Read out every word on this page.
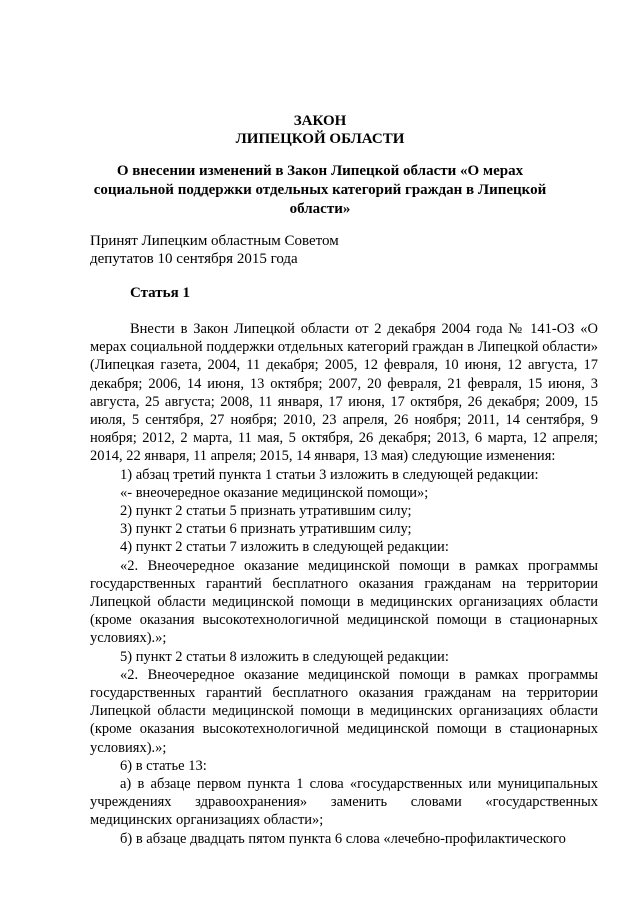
ЗАКОН
ЛИПЕЦКОЙ ОБЛАСТИ
О внесении изменений в Закон Липецкой области «О мерах социальной поддержки отдельных категорий граждан в Липецкой области»
Принят Липецким областным Советом
депутатов 10 сентября 2015 года
Статья 1

Внести в Закон Липецкой области от 2 декабря 2004 года № 141-ОЗ «О мерах социальной поддержки отдельных категорий граждан в Липецкой области» (Липецкая газета, 2004, 11 декабря; 2005, 12 февраля, 10 июня, 12 августа, 17 декабря; 2006, 14 июня, 13 октября; 2007, 20 февраля, 21 февраля, 15 июня, 3 августа, 25 августа; 2008, 11 января, 17 июня, 17 октября, 26 декабря; 2009, 15 июля, 5 сентября, 27 ноября; 2010, 23 апреля, 26 ноября; 2011, 14 сентября, 9 ноября; 2012, 2 марта, 11 мая, 5 октября, 26 декабря; 2013, 6 марта, 12 апреля; 2014, 22 января, 11 апреля; 2015, 14 января, 13 мая) следующие изменения:

1) абзац третий пункта 1 статьи 3 изложить в следующей редакции:

«- внеочередное оказание медицинской помощи»;

2) пункт 2 статьи 5 признать утратившим силу;

3) пункт 2 статьи 6 признать утратившим силу;

4) пункт 2 статьи 7 изложить в следующей редакции:

«2. Внеочередное оказание медицинской помощи в рамках программы государственных гарантий бесплатного оказания гражданам на территории Липецкой области медицинской помощи в медицинских организациях области (кроме оказания высокотехнологичной медицинской помощи в стационарных условиях).»;

5) пункт 2 статьи 8 изложить в следующей редакции:

«2. Внеочередное оказание медицинской помощи в рамках программы государственных гарантий бесплатного оказания гражданам на территории Липецкой области медицинской помощи в медицинских организациях области (кроме оказания высокотехнологичной медицинской помощи в стационарных условиях).»;

6) в статье 13:

а) в абзаце первом пункта 1 слова «государственных или муниципальных учреждениях здравоохранения» заменить словами «государственных медицинских организациях области»;

б) в абзаце двадцать пятом пункта 6 слова «лечебно-профилактического
